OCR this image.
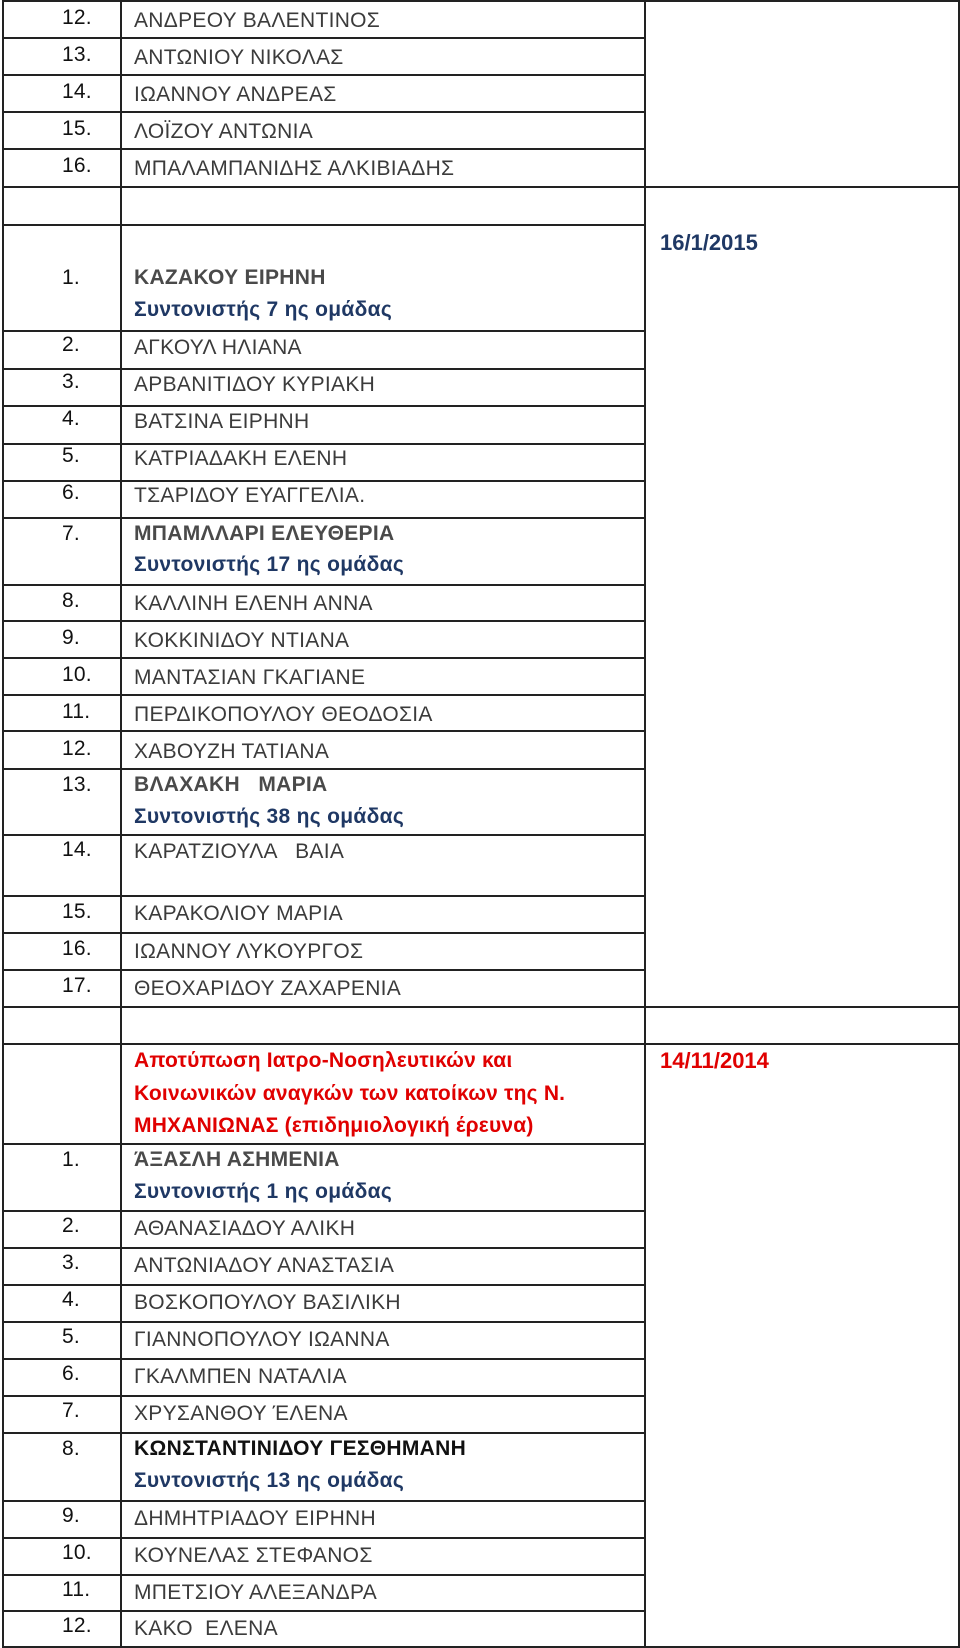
12. ΑΝΔΡΕΟΥ ΒΑΛΕΝΤΙΝΟΣ
13. ΑΝΤΩΝΙΟΥ ΝΙΚΟΛΑΣ
14. ΙΩΑΝΝΟΥ ΑΝΔΡΕΑΣ
15. ΛΟΪΖΟΥ ΑΝΤΩΝΙΑ
16. ΜΠΑΛΑΜΠΑΝΙΔΗΣ ΑΛΚΙΒΙΑΔΗΣ
16/1/2015
1.	ΚΑΖΑΚΟΥ ΕΙΡΗΝΗ
Συντονιστής 7 ης ομάδας
2.	ΑΓΚΟΥΛ ΗΛΙΑΝΑ
3.	ΑΡΒΑΝΙΤΙΔΟΥ ΚΥΡΙΑΚΗ
4.	ΒΑΤΣΙΝΑ ΕΙΡΗΝΗ
5.	ΚΑΤΡΙΑΔΑΚΗ ΕΛΕΝΗ
6.	ΤΣΑΡΙΔΟΥ ΕΥΑΓΓΕΛΙΑ.
7.	ΜΠΑΜΛΛΑΡΙ ΕΛΕΥΘΕΡΙΑ
Συντονιστής 17 ης ομάδας
8.	ΚΑΛΛΙΝΗ ΕΛΕΝΗ ΑΝΝΑ
9.	ΚΟΚΚΙΝΙΔΟΥ ΝΤΙΑΝΑ
10. ΜΑΝΤΑΣΙΑΝ ΓΚΑΓΙΑΝΕ
11. ΠΕΡΔΙΚΟΠΟΥΛΟΥ ΘΕΟΔΟΣΙΑ
12. ΧΑΒΟΥΖΗ ΤΑΤΙΑΝΑ
13. ΒΛΑΧΑΚΗ   ΜΑΡΙΑ
Συντονιστής 38 ης ομάδας
14. ΚΑΡΑΤΖΙΟΥΛΑ   ΒΑΙΑ
15. ΚΑΡΑΚΟΛΙΟΥ ΜΑΡΙΑ
16. ΙΩΑΝΝΟΥ ΛΥΚΟΥΡΓΟΣ
17. ΘΕΟΧΑΡΙΔΟΥ ΖΑΧΑΡΕΝΙΑ
14/11/2014
Αποτύπωση Ιατρο-Νοσηλευτικών και
Κοινωνικών αναγκών των κατοίκων της Ν.
ΜΗΧΑΝΙΩΝΑΣ (επιδημιολογική έρευνα)
1.	ΆΞΑΣΛΗ ΑΣΗΜΕΝΙΑ
Συντονιστής 1 ης ομάδας
2.	ΑΘΑΝΑΣΙΑΔΟΥ ΑΛΙΚΗ
3.	ΑΝΤΩΝΙΑΔΟΥ ΑΝΑΣΤΑΣΙΑ
4.	ΒΟΣΚΟΠΟΥΛΟΥ ΒΑΣΙΛΙΚΗ
5.	ΓΙΑΝΝΟΠΟΥΛΟΥ ΙΩΑΝΝΑ
6.	ΓΚΑΛΜΠΕΝ ΝΑΤΑΛΙΑ
7.	ΧΡΥΣΑΝΘΟΥ ΈΛΕΝΑ
8.	ΚΩΝΣΤΑΝΤΙΝΙΔΟΥ ΓΕΣΘΗΜΑΝΗ
Συντονιστής 13 ης ομάδας
9.	ΔΗΜΗΤΡΙΑΔΟΥ ΕΙΡΗΝΗ
10. ΚΟΥΝΕΛΑΣ ΣΤΕΦΑΝΟΣ
11. ΜΠΕΤΣΙΟΥ ΑΛΕΞΑΝΔΡΑ
12. ΚΑΚΟ  ΕΛΕΝΑ
